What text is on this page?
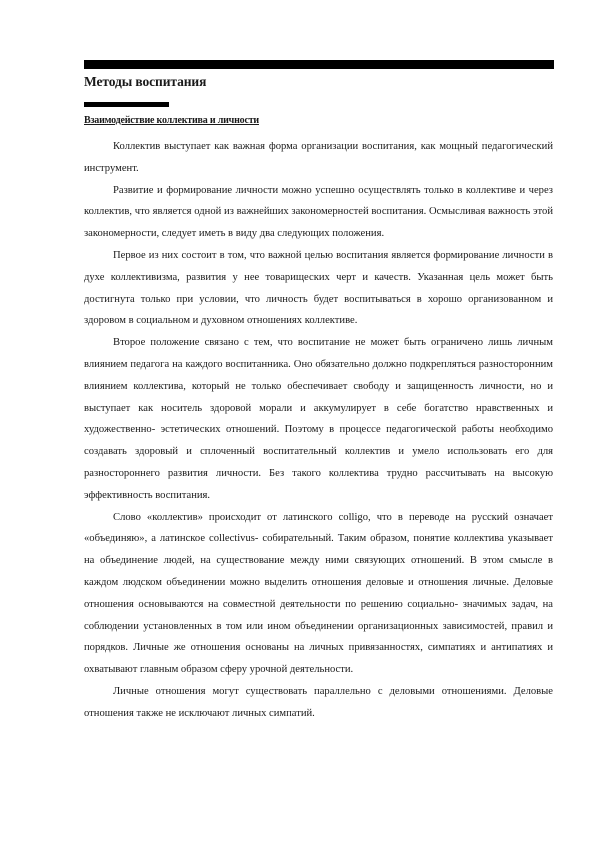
Методы воспитания
Взаимодействие коллектива и личности

Коллектив выступает как важная форма организации воспитания, как мощный педагогический инструмент.

Развитие и формирование личности можно успешно осуществлять только в коллективе и через коллектив, что является одной из важнейших закономерностей воспитания. Осмысливая важность этой закономерности, следует иметь в виду два следующих положения.

Первое из них состоит в том, что важной целью воспитания является формирование личности в духе коллективизма, развития у нее товарищеских черт и качеств. Указанная цель может быть достигнута только при условии, что личность будет воспитываться в хорошо организованном и здоровом в социальном и духовном отношениях коллективе.

Второе положение связано с тем, что воспитание не может быть ограничено лишь личным влиянием педагога на каждого воспитанника. Оно обязательно должно подкрепляться разносторонним влиянием коллектива, который не только обеспечивает свободу и защищенность личности, но и выступает как носитель здоровой морали и аккумулирует в себе богатство нравственных и художественно- эстетических отношений. Поэтому в процессе педагогической работы необходимо создавать здоровый и сплоченный воспитательный коллектив и умело использовать его для разностороннего развития личности. Без такого коллектива трудно рассчитывать на высокую эффективность воспитания.

Слово «коллектив» происходит от латинского colligo, что в переводе на русский означает «объединяю», а латинское collectivus- собирательный. Таким образом, понятие коллектива указывает на объединение людей, на существование между ними связующих отношений. В этом смысле в каждом людском объединении можно выделить отношения деловые и отношения личные. Деловые отношения основываются на совместной деятельности по решению социально- значимых задач, на соблюдении установленных в том или ином объединении организационных зависимостей, правил и порядков. Личные же отношения основаны на личных привязанностях, симпатиях и антипатиях и охватывают главным образом сферу урочной деятельности.

Личные отношения могут существовать параллельно с деловыми отношениями. Деловые отношения также не исключают личных симпатий.
